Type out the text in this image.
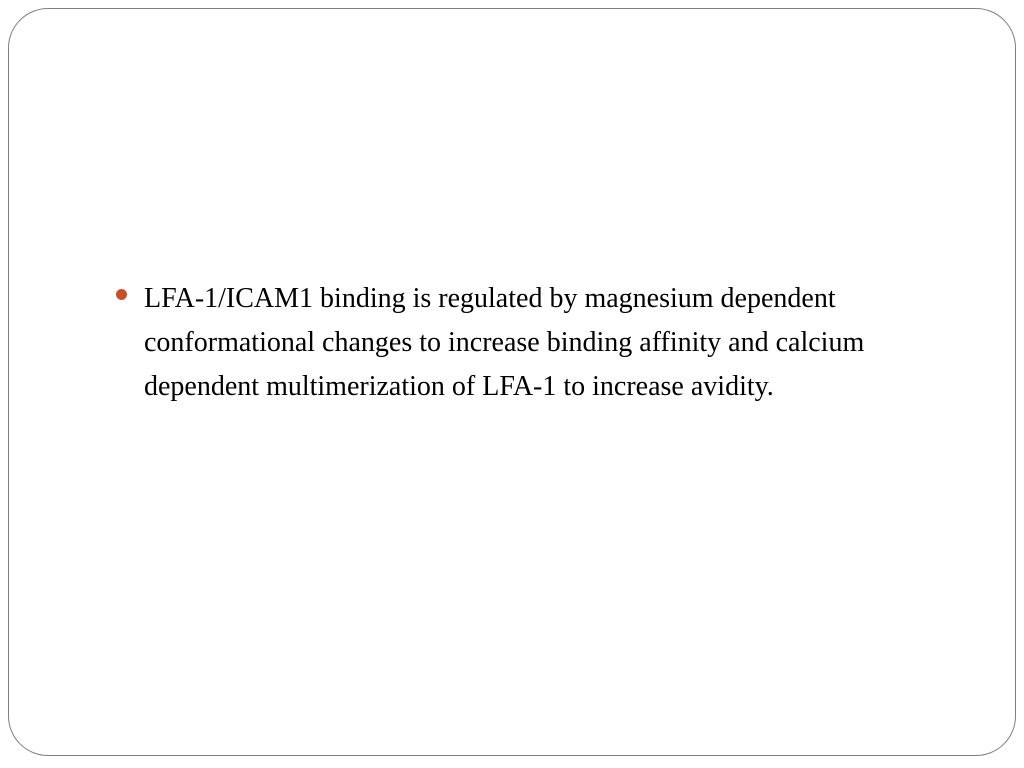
LFA-1/ICAM1 binding is regulated by magnesium dependent conformational changes to increase binding affinity and calcium dependent multimerization of LFA-1 to increase avidity.
